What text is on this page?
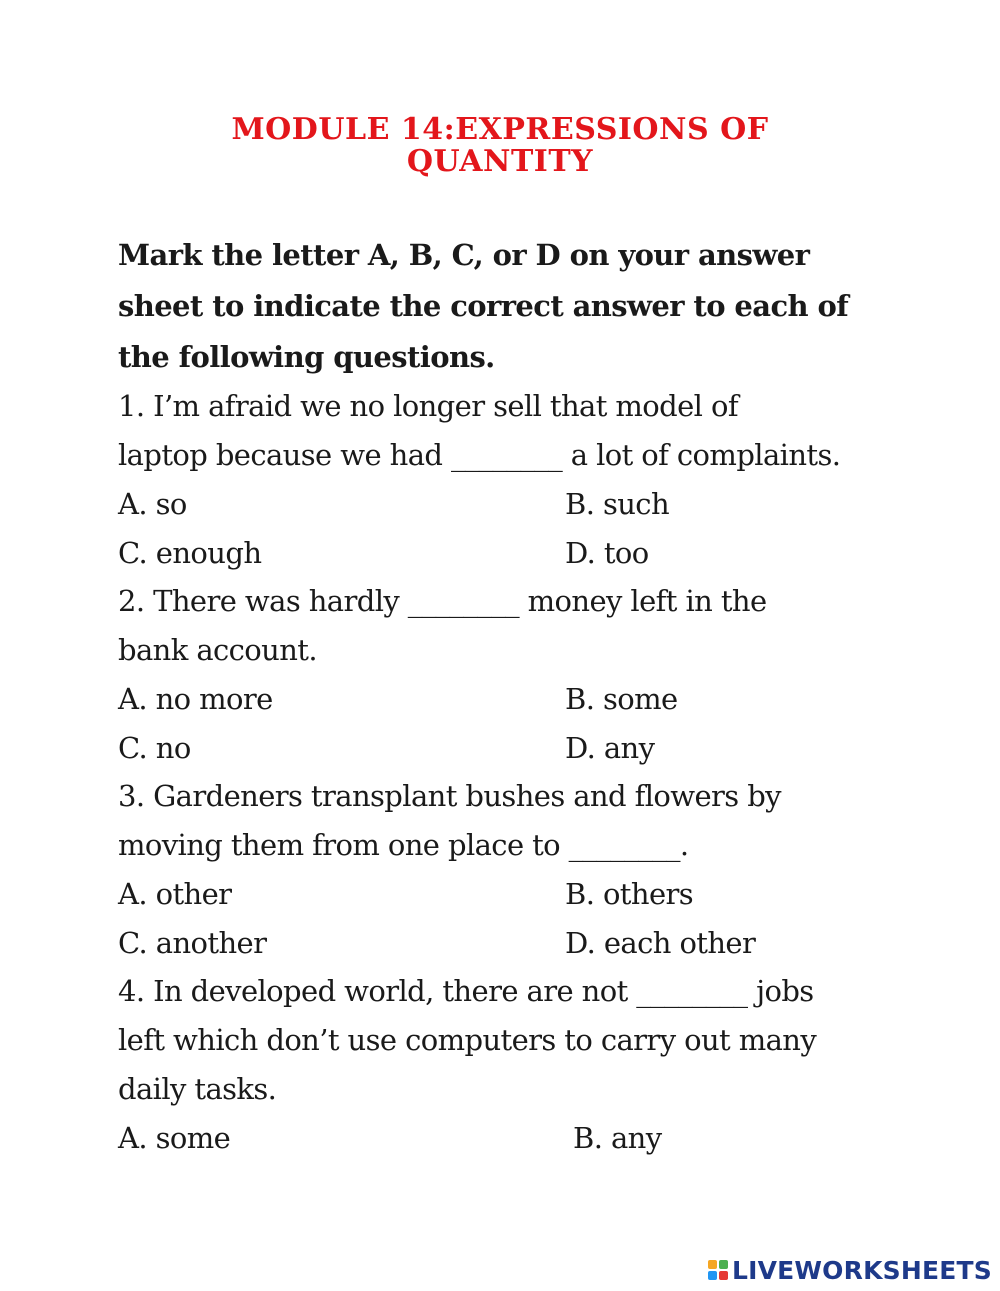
MODULE 14:EXPRESSIONS OF
QUANTITY
Mark the letter A, B, C, or D on your answer
sheet to indicate the correct answer to each of
the following questions.
1. I’m afraid we no longer sell that model of
laptop because we had ________ a lot of complaints.
A. so	B. such
C. enough	D. too
2. There was hardly ________ money left in the
bank account.
A. no more	B. some
C. no	D. any
3. Gardeners transplant bushes and flowers by
moving them from one place to ________.
A. other	B. others
C. another	D. each other
4. In developed world, there are not ________ jobs
left which don’t use computers to carry out many
daily tasks.
A. some	B. any
LIVEWORKSHEETS
